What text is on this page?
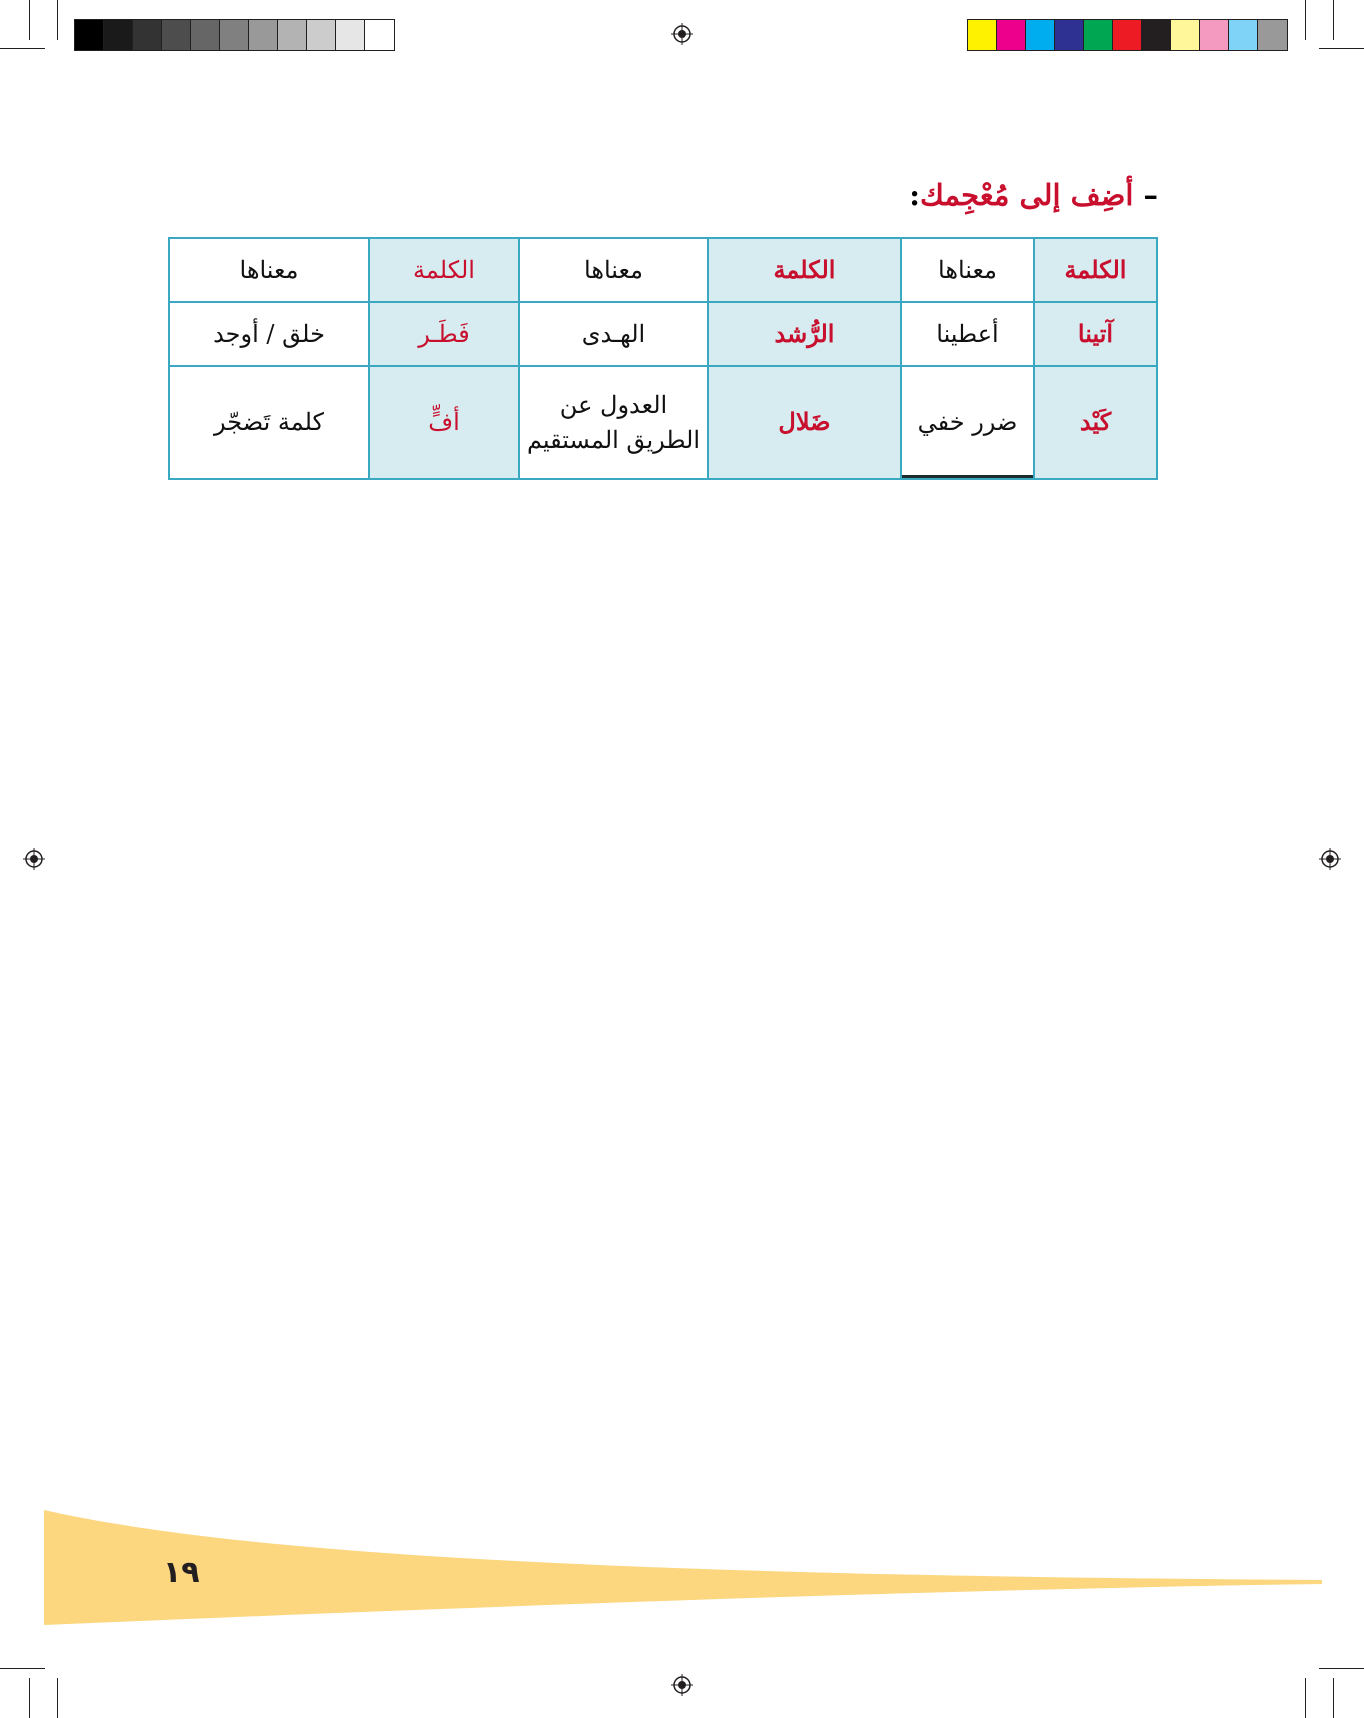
– أضِف إلى مُعْجِمك:
الكلمة	معناها	الكلمة	معناها	الكلمة	معناها
آتينا	أعطينا	الرُّشد	الهـدى	فَطَـر	خلق / أوجد
كَيْد	ضرر خفي	ضَلال	العدول عن الطريق المستقيم	أفٍّ	كلمة تَضجّر
١٩
